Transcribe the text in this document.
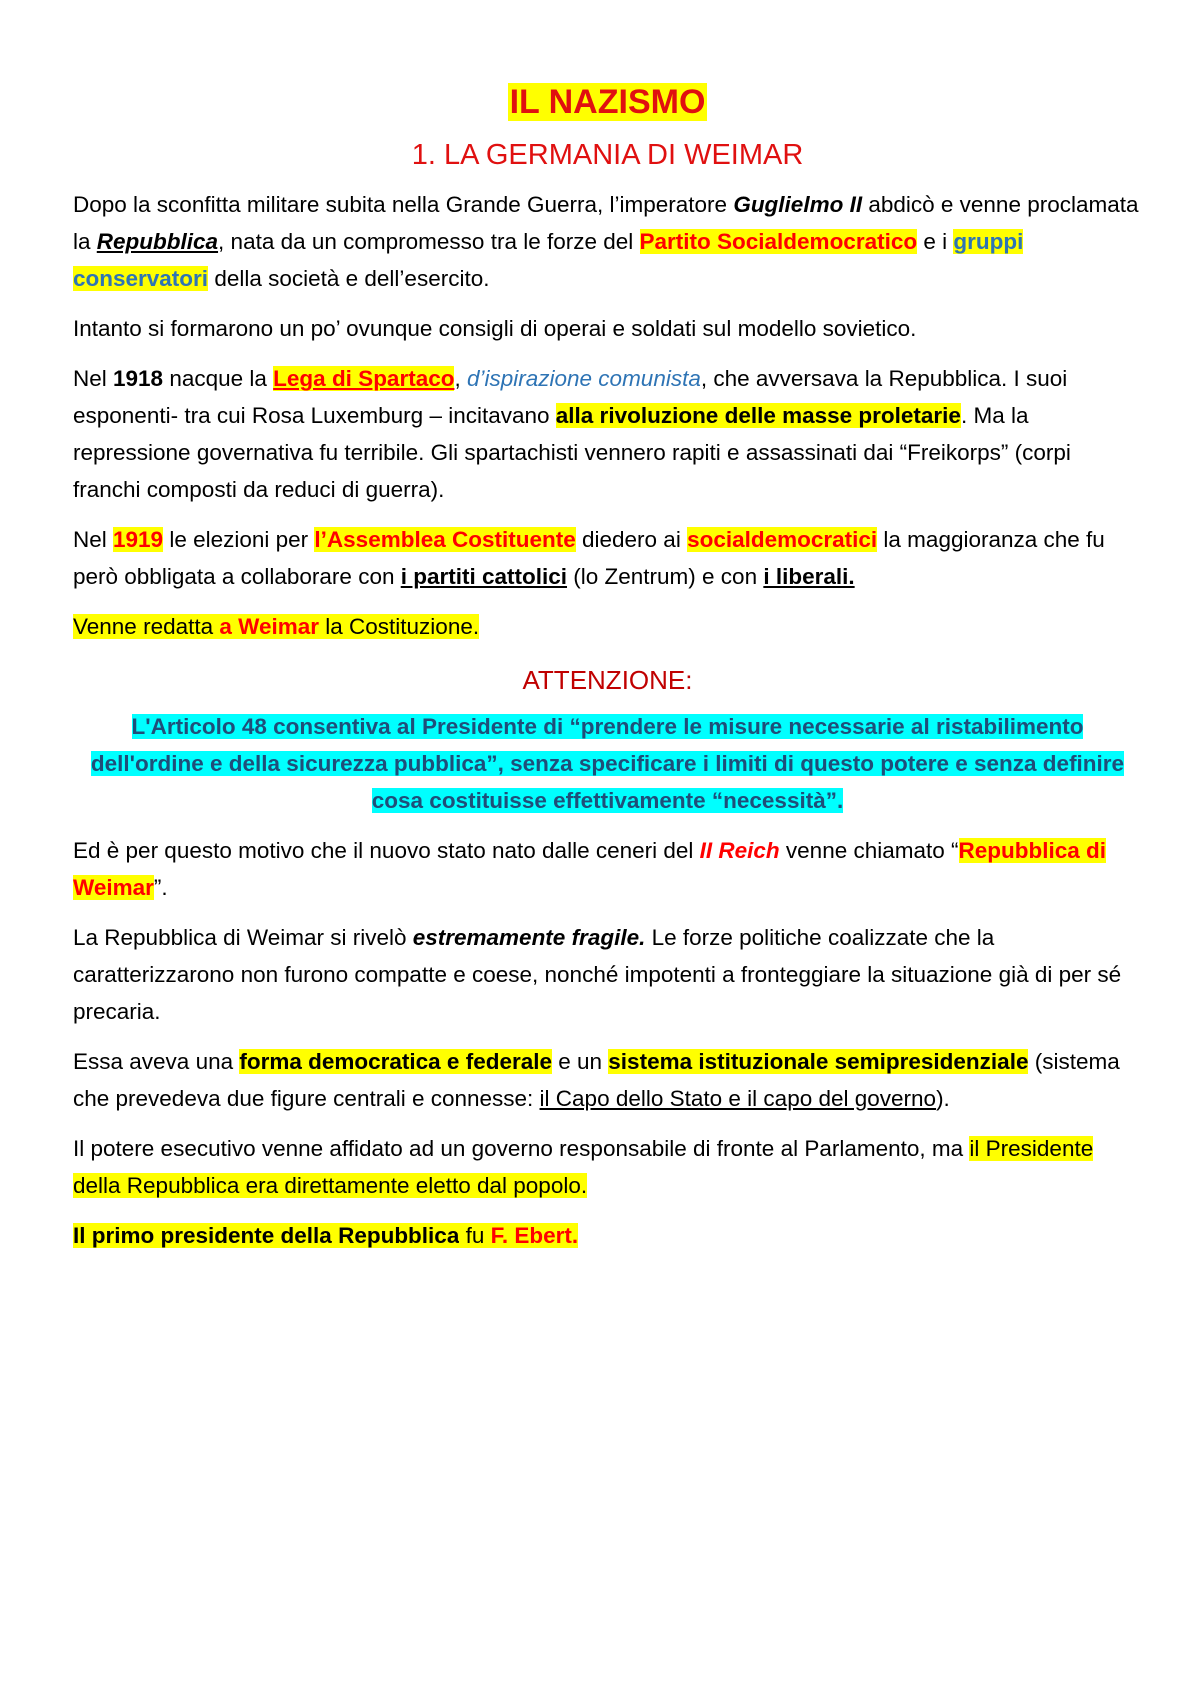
IL NAZISMO
1. LA GERMANIA DI WEIMAR

Dopo la sconfitta militare subita nella Grande Guerra, l’imperatore Guglielmo II abdicò e venne proclamata la Repubblica, nata da un compromesso tra le forze del Partito Socialdemocratico e i gruppi conservatori della società e dell’esercito.

Intanto si formarono un po’ ovunque consigli di operai e soldati sul modello sovietico.

Nel 1918 nacque la Lega di Spartaco, d’ispirazione comunista, che avversava la Repubblica. I suoi esponenti- tra cui Rosa Luxemburg – incitavano alla rivoluzione delle masse proletarie. Ma la repressione governativa fu terribile. Gli spartachisti vennero rapiti e assassinati dai “Freikorps” (corpi franchi composti da reduci di guerra).

Nel 1919 le elezioni per l’Assemblea Costituente diedero ai socialdemocratici la maggioranza che fu però obbligata a collaborare con i partiti cattolici (lo Zentrum) e con i liberali.

Venne redatta a Weimar la Costituzione.

ATTENZIONE:
L'Articolo 48 consentiva al Presidente di “prendere le misure necessarie al ristabilimento dell'ordine e della sicurezza pubblica”, senza specificare i limiti di questo potere e senza definire cosa costituisse effettivamente “necessità”.

Ed è per questo motivo che il nuovo stato nato dalle ceneri del II Reich venne chiamato “Repubblica di Weimar”.

La Repubblica di Weimar si rivelò estremamente fragile. Le forze politiche coalizzate che la caratterizzarono non furono compatte e coese, nonché impotenti a fronteggiare la situazione già di per sé precaria.

Essa aveva una forma democratica e federale e un sistema istituzionale semipresidenziale (sistema che prevedeva due figure centrali e connesse: il Capo dello Stato e il capo del governo).

Il potere esecutivo venne affidato ad un governo responsabile di fronte al Parlamento, ma il Presidente della Repubblica era direttamente eletto dal popolo.

Il primo presidente della Repubblica fu F. Ebert.
